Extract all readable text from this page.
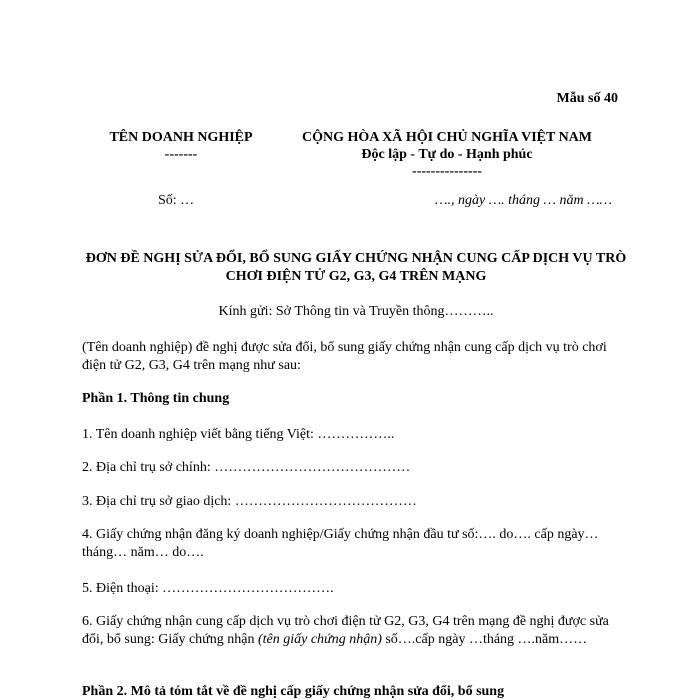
Mẫu số 40
TÊN DOANH NGHIỆP
-------
CỘNG HÒA XÃ HỘI CHỦ NGHĨA VIỆT NAM
Độc lập - Tự do - Hạnh phúc
---------------
Số: …	…., ngày …. tháng … năm ……
ĐƠN ĐỀ NGHỊ SỬA ĐỔI, BỔ SUNG GIẤY CHỨNG NHẬN CUNG CẤP DỊCH VỤ TRÒ CHƠI ĐIỆN TỬ G2, G3, G4 TRÊN MẠNG
Kính gửi: Sở Thông tin và Truyền thông………..
(Tên doanh nghiệp) đề nghị được sửa đổi, bổ sung giấy chứng nhận cung cấp dịch vụ trò chơi điện tử G2, G3, G4 trên mạng như sau:
Phần 1. Thông tin chung
1. Tên doanh nghiệp viết bằng tiếng Việt: ……………..
2. Địa chỉ trụ sở chính: ……………………………………
3. Địa chỉ trụ sở giao dịch: …………………………………
4. Giấy chứng nhận đăng ký doanh nghiệp/Giấy chứng nhận đầu tư số:…. do…. cấp ngày… tháng… năm… do….
5. Điện thoại: ……………………………….
6. Giấy chứng nhận cung cấp dịch vụ trò chơi điện tử G2, G3, G4 trên mạng đề nghị được sửa đổi, bổ sung: Giấy chứng nhận (tên giấy chứng nhận) số….cấp ngày …tháng ….năm……
Phần 2. Mô tả tóm tắt về đề nghị cấp giấy chứng nhận sửa đổi, bổ sung
